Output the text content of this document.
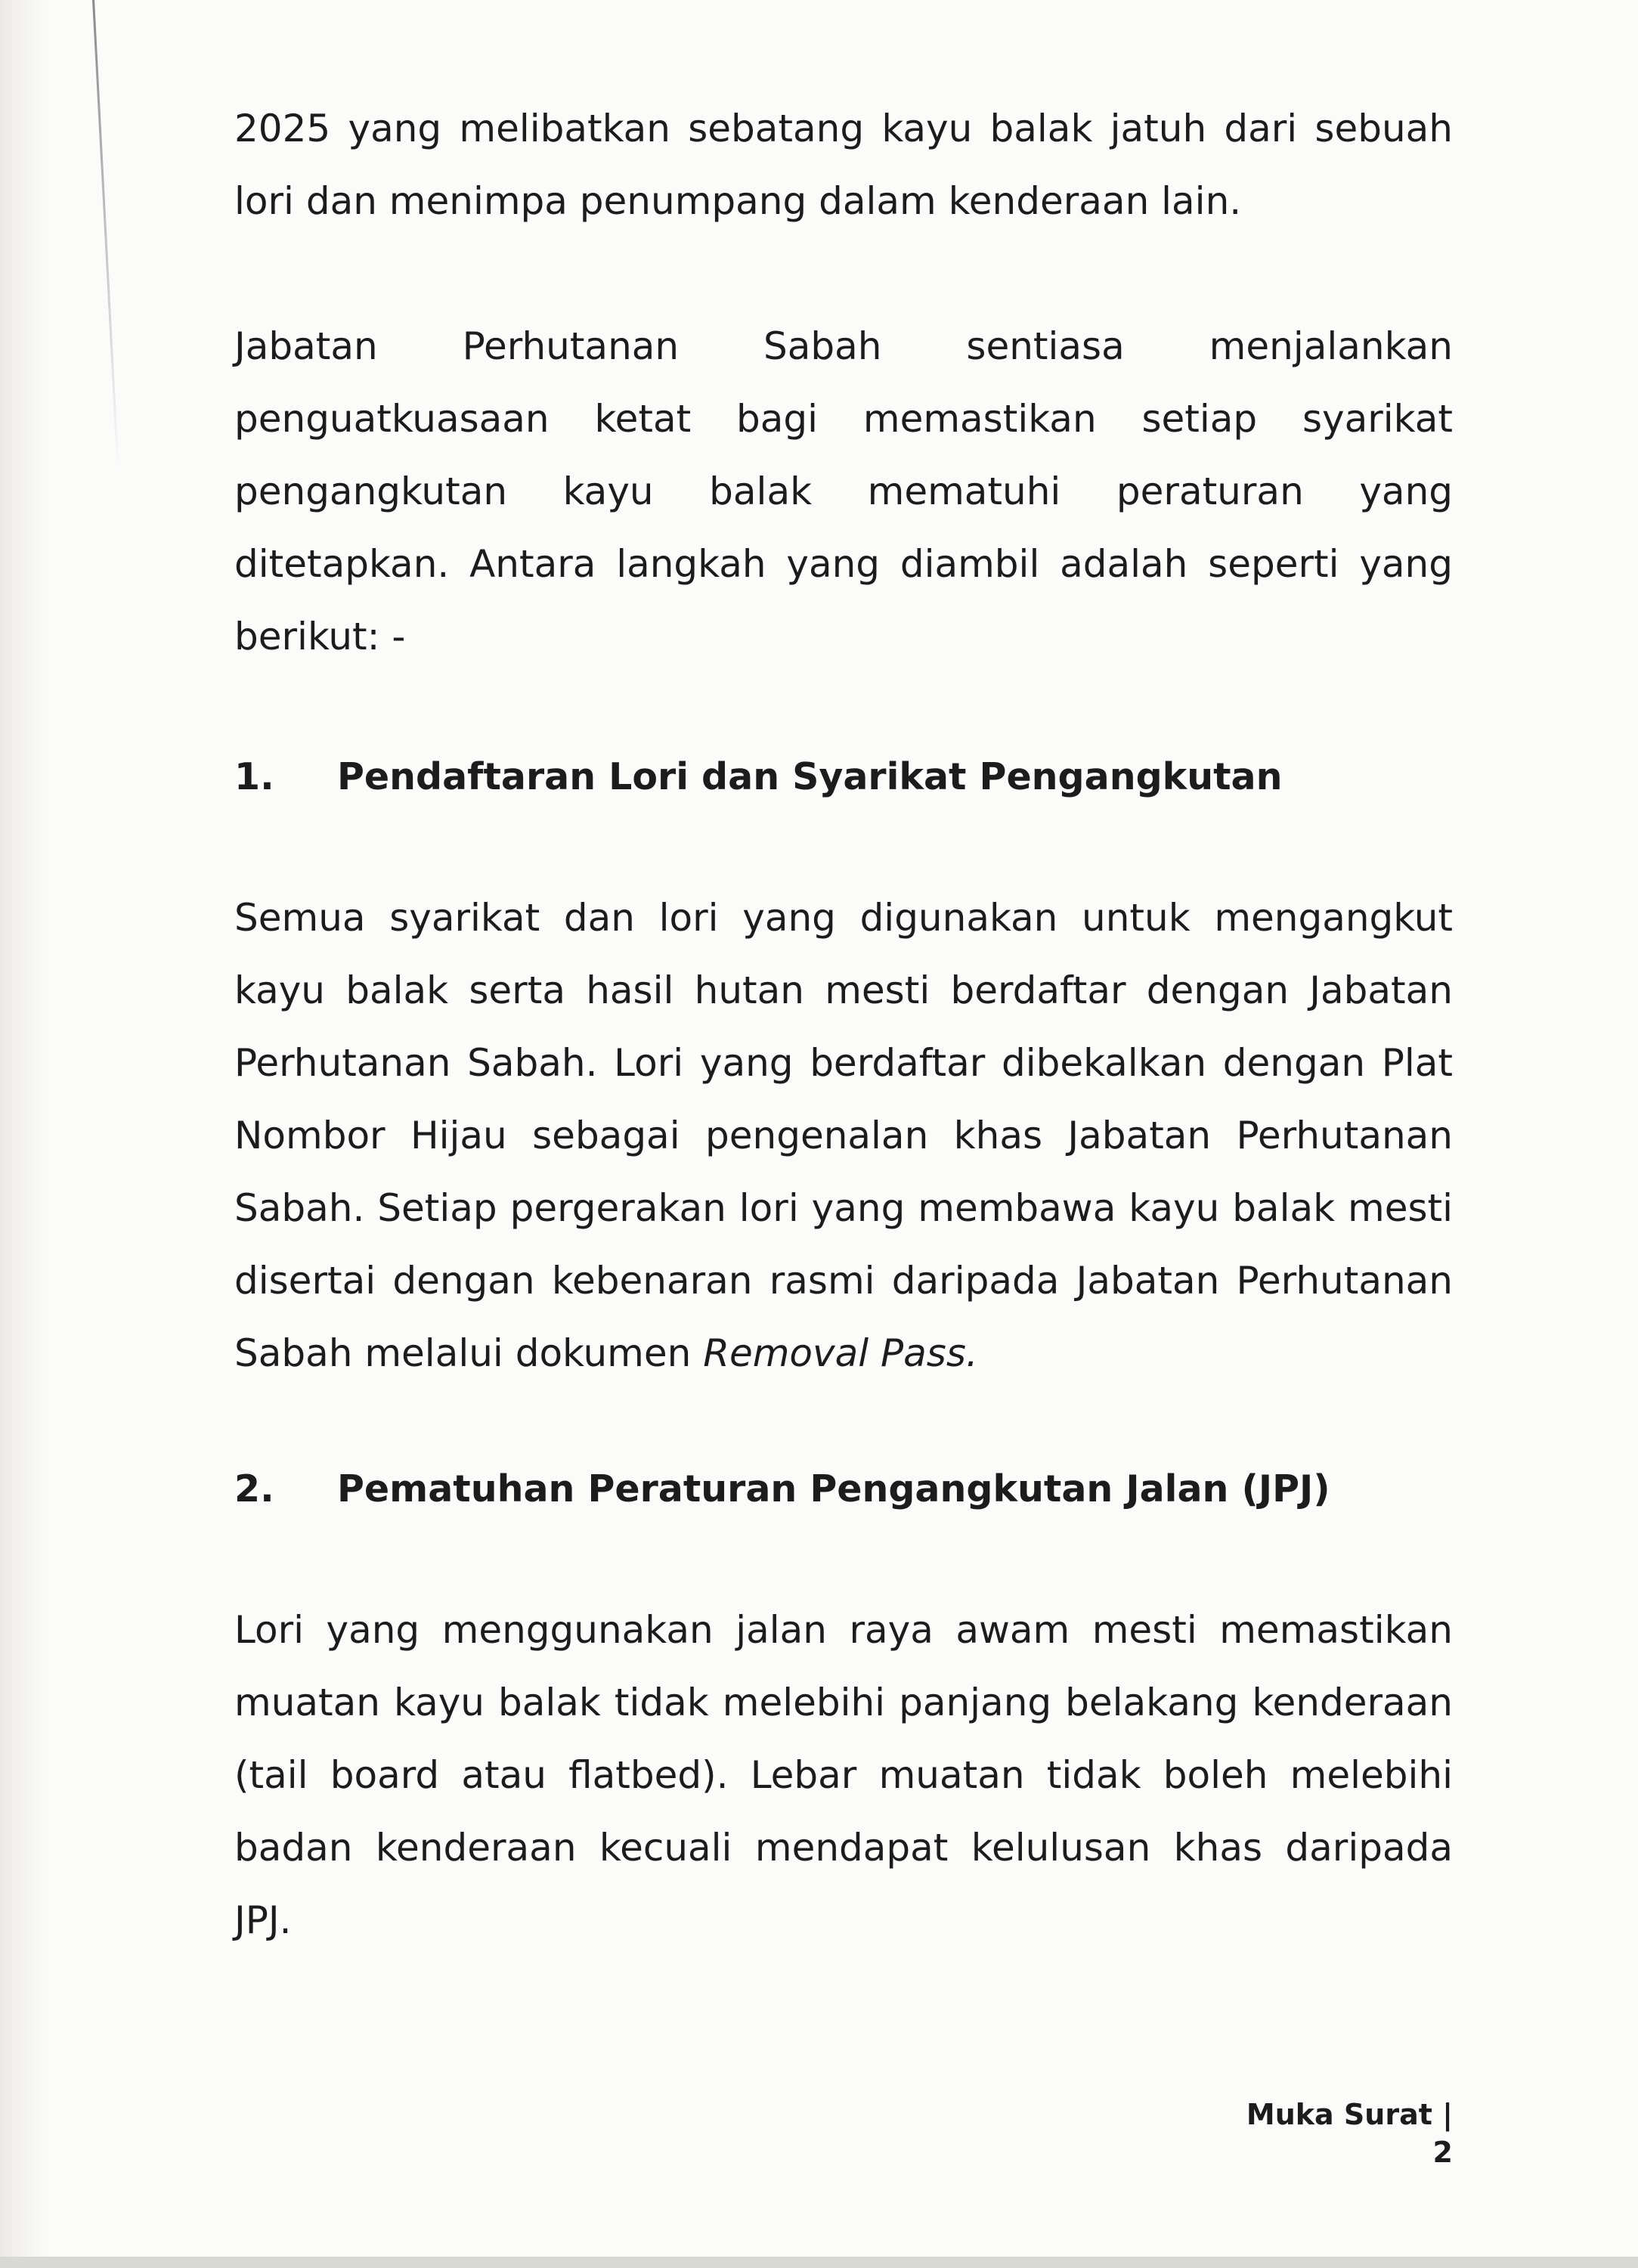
2025 yang melibatkan sebatang kayu balak jatuh dari sebuah lori dan menimpa penumpang dalam kenderaan lain.

Jabatan Perhutanan Sabah sentiasa menjalankan penguatkuasaan ketat bagi memastikan setiap syarikat pengangkutan kayu balak mematuhi peraturan yang ditetapkan. Antara langkah yang diambil adalah seperti yang berikut: -

1. Pendaftaran Lori dan Syarikat Pengangkutan

Semua syarikat dan lori yang digunakan untuk mengangkut kayu balak serta hasil hutan mesti berdaftar dengan Jabatan Perhutanan Sabah. Lori yang berdaftar dibekalkan dengan Plat Nombor Hijau sebagai pengenalan khas Jabatan Perhutanan Sabah. Setiap pergerakan lori yang membawa kayu balak mesti disertai dengan kebenaran rasmi daripada Jabatan Perhutanan Sabah melalui dokumen Removal Pass.

2. Pematuhan Peraturan Pengangkutan Jalan (JPJ)

Lori yang menggunakan jalan raya awam mesti memastikan muatan kayu balak tidak melebihi panjang belakang kenderaan (tail board atau flatbed). Lebar muatan tidak boleh melebihi badan kenderaan kecuali mendapat kelulusan khas daripada JPJ.

Muka Surat | 2
